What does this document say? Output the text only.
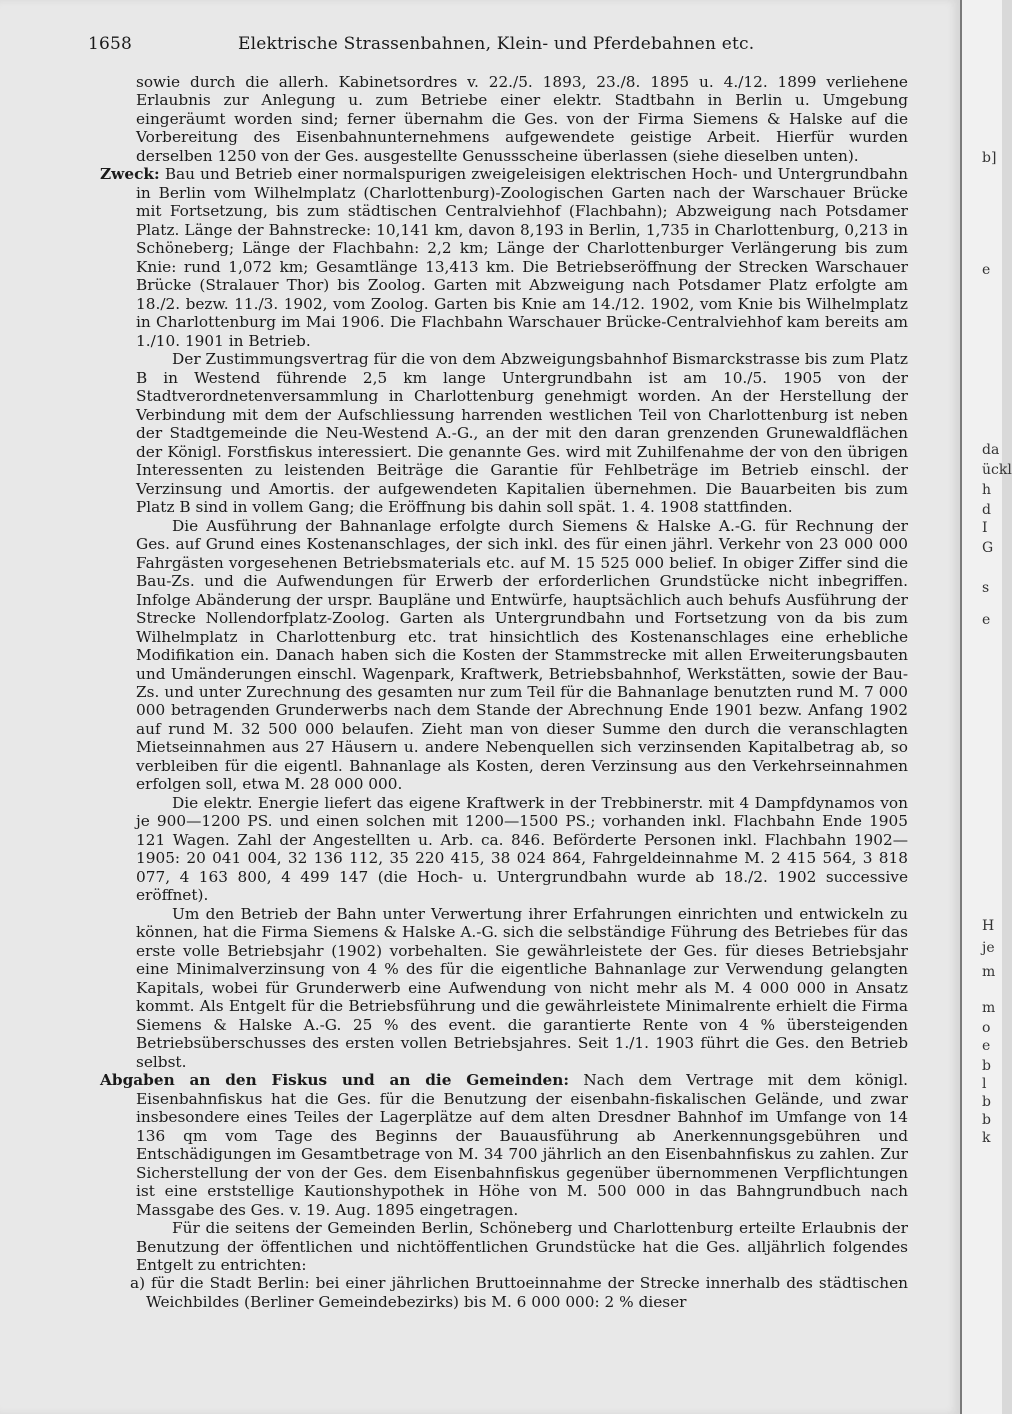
1658	Elektrische Strassenbahnen, Klein- und Pferdebahnen etc.

sowie durch die allerh. Kabinetsordres v. 22./5. 1893, 23./8. 1895 u. 4./12. 1899 verliehene Erlaubnis zur Anlegung u. zum Betriebe einer elektr. Stadtbahn in Berlin u. Umgebung eingeräumt worden sind; ferner übernahm die Ges. von der Firma Siemens & Halske auf die Vorbereitung des Eisenbahnunternehmens aufgewendete geistige Arbeit. Hierfür wurden derselben 1250 von der Ges. ausgestellte Genussscheine überlassen (siehe dieselben unten).

Zweck: Bau und Betrieb einer normalspurigen zweigeleisigen elektrischen Hoch- und Untergrundbahn in Berlin vom Wilhelmplatz (Charlottenburg)-Zoologischen Garten nach der Warschauer Brücke mit Fortsetzung, bis zum städtischen Centralviehhof (Flachbahn); Abzweigung nach Potsdamer Platz. Länge der Bahnstrecke: 10,141 km, davon 8,193 in Berlin, 1,735 in Charlottenburg, 0,213 in Schöneberg; Länge der Flachbahn: 2,2 km; Länge der Charlottenburger Verlängerung bis zum Knie: rund 1,072 km; Gesamtlänge 13,413 km. Die Betriebseröffnung der Strecken Warschauer Brücke (Stralauer Thor) bis Zoolog. Garten mit Abzweigung nach Potsdamer Platz erfolgte am 18./2. bezw. 11./3. 1902, vom Zoolog. Garten bis Knie am 14./12. 1902, vom Knie bis Wilhelmplatz in Charlottenburg im Mai 1906. Die Flachbahn Warschauer Brücke-Centralviehhof kam bereits am 1./10. 1901 in Betrieb.

Der Zustimmungsvertrag für die von dem Abzweigungsbahnhof Bismarckstrasse bis zum Platz B in Westend führende 2,5 km lange Untergrundbahn ist am 10./5. 1905 von der Stadtverordnetenversammlung in Charlottenburg genehmigt worden. An der Herstellung der Verbindung mit dem der Aufschliessung harrenden westlichen Teil von Charlottenburg ist neben der Stadtgemeinde die Neu-Westend A.-G., an der mit den daran grenzenden Grunewaldflächen der Königl. Forstfiskus interessiert. Die genannte Ges. wird mit Zuhilfenahme der von den übrigen Interessenten zu leistenden Beiträge die Garantie für Fehlbeträge im Betrieb einschl. der Verzinsung und Amortis. der aufgewendeten Kapitalien übernehmen. Die Bauarbeiten bis zum Platz B sind in vollem Gang; die Eröffnung bis dahin soll spät. 1. 4. 1908 stattfinden.

Die Ausführung der Bahnanlage erfolgte durch Siemens & Halske A.-G. für Rechnung der Ges. auf Grund eines Kostenanschlages, der sich inkl. des für einen jährl. Verkehr von 23 000 000 Fahrgästen vorgesehenen Betriebsmaterials etc. auf M. 15 525 000 belief. In obiger Ziffer sind die Bau-Zs. und die Aufwendungen für Erwerb der erforderlichen Grundstücke nicht inbegriffen. Infolge Abänderung der urspr. Baupläne und Entwürfe, hauptsächlich auch behufs Ausführung der Strecke Nollendorfplatz-Zoolog. Garten als Untergrundbahn und Fortsetzung von da bis zum Wilhelmplatz in Charlottenburg etc. trat hinsichtlich des Kostenanschlages eine erhebliche Modifikation ein. Danach haben sich die Kosten der Stammstrecke mit allen Erweiterungsbauten und Umänderungen einschl. Wagenpark, Kraftwerk, Betriebsbahnhof, Werkstätten, sowie der Bau-Zs. und unter Zurechnung des gesamten nur zum Teil für die Bahnanlage benutzten rund M. 7 000 000 betragenden Grunderwerbs nach dem Stande der Abrechnung Ende 1901 bezw. Anfang 1902 auf rund M. 32 500 000 belaufen. Zieht man von dieser Summe den durch die veranschlagten Mietseinnahmen aus 27 Häusern u. andere Nebenquellen sich verzinsenden Kapitalbetrag ab, so verbleiben für die eigentl. Bahnanlage als Kosten, deren Verzinsung aus den Verkehrseinnahmen erfolgen soll, etwa M. 28 000 000.

Die elektr. Energie liefert das eigene Kraftwerk in der Trebbinerstr. mit 4 Dampfdynamos von je 900—1200 PS. und einen solchen mit 1200—1500 PS.; vorhanden inkl. Flachbahn Ende 1905 121 Wagen. Zahl der Angestellten u. Arb. ca. 846. Beförderte Personen inkl. Flachbahn 1902—1905: 20 041 004, 32 136 112, 35 220 415, 38 024 864, Fahrgeldeinnahme M. 2 415 564, 3 818 077, 4 163 800, 4 499 147 (die Hoch- u. Untergrundbahn wurde ab 18./2. 1902 successive eröffnet).

Um den Betrieb der Bahn unter Verwertung ihrer Erfahrungen einrichten und entwickeln zu können, hat die Firma Siemens & Halske A.-G. sich die selbständige Führung des Betriebes für das erste volle Betriebsjahr (1902) vorbehalten. Sie gewährleistete der Ges. für dieses Betriebsjahr eine Minimalverzinsung von 4 % des für die eigentliche Bahnanlage zur Verwendung gelangten Kapitals, wobei für Grunderwerb eine Aufwendung von nicht mehr als M. 4 000 000 in Ansatz kommt. Als Entgelt für die Betriebsführung und die gewährleistete Minimalrente erhielt die Firma Siemens & Halske A.-G. 25 % des event. die garantierte Rente von 4 % übersteigenden Betriebsüberschusses des ersten vollen Betriebsjahres. Seit 1./1. 1903 führt die Ges. den Betrieb selbst.

Abgaben an den Fiskus und an die Gemeinden: Nach dem Vertrage mit dem königl. Eisenbahnfiskus hat die Ges. für die Benutzung der eisenbahn-fiskalischen Gelände, und zwar insbesondere eines Teiles der Lagerplätze auf dem alten Dresdner Bahnhof im Umfange von 14 136 qm vom Tage des Beginns der Bauausführung ab Anerkennungsgebühren und Entschädigungen im Gesamtbetrage von M. 34 700 jährlich an den Eisenbahnfiskus zu zahlen. Zur Sicherstellung der von der Ges. dem Eisenbahnfiskus gegenüber übernommenen Verpflichtungen ist eine erststellige Kautionshypothek in Höhe von M. 500 000 in das Bahngrundbuch nach Massgabe des Ges. v. 19. Aug. 1895 eingetragen.

Für die seitens der Gemeinden Berlin, Schöneberg und Charlottenburg erteilte Erlaubnis der Benutzung der öffentlichen und nichtöffentlichen Grundstücke hat die Ges. alljährlich folgendes Entgelt zu entrichten:

a) für die Stadt Berlin: bei einer jährlichen Bruttoeinnahme der Strecke innerhalb des städtischen Weichbildes (Berliner Gemeindebezirks) bis M. 6 000 000: 2 % dieser

b]
e
da
ückl
h
d
I
G
s
e
H
je
m
m
o
e
b
l
b
b
k
